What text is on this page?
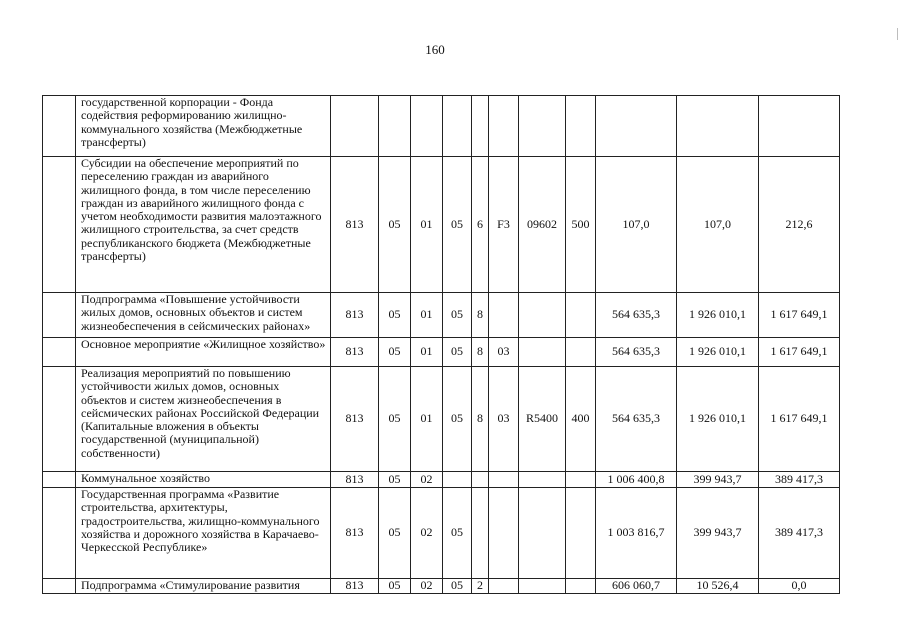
160
	государственной корпорации - Фонда содействия реформированию жилищно-коммунального хозяйства (Межбюджетные трансферты)											
	Субсидии на обеспечение мероприятий по переселению граждан из аварийного жилищного фонда, в том числе переселению граждан из аварийного жилищного фонда с учетом необходимости развития малоэтажного жилищного строительства, за счет средств республиканского бюджета (Межбюджетные трансферты)	813	05	01	05	6	F3	09602	500	107,0	107,0	212,6
	Подпрограмма «Повышение устойчивости жилых домов, основных объектов и систем жизнеобеспечения в сейсмических районах»	813	05	01	05	8				564 635,3	1 926 010,1	1 617 649,1
	Основное мероприятие «Жилищное хозяйство»	813	05	01	05	8	03			564 635,3	1 926 010,1	1 617 649,1
	Реализация мероприятий по повышению устойчивости жилых домов, основных объектов и систем жизнеобеспечения в сейсмических районах Российской Федерации (Капитальные вложения в объекты государственной (муниципальной) собственности)	813	05	01	05	8	03	R5400	400	564 635,3	1 926 010,1	1 617 649,1
	Коммунальное хозяйство	813	05	02						1 006 400,8	399 943,7	389 417,3
	Государственная программа «Развитие строительства, архитектуры, градостроительства, жилищно-коммунального хозяйства и дорожного хозяйства в Карачаево-Черкесской Республике»	813	05	02	05					1 003 816,7	399 943,7	389 417,3
	Подпрограмма «Стимулирование развития	813	05	02	05	2				606 060,7	10 526,4	0,0
